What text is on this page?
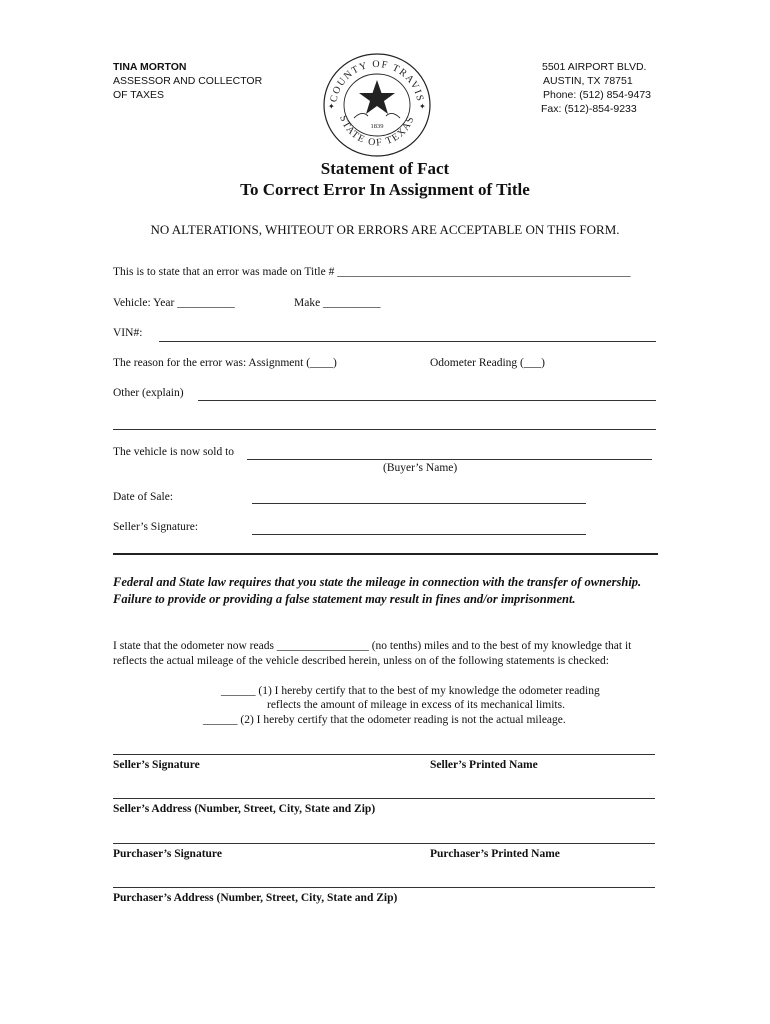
TINA MORTON
ASSESSOR AND COLLECTOR
OF TAXES	COUNTY OF TRAVIS
STATE OF TEXAS
1839
✦	✦
5501 AIRPORT BLVD.
AUSTIN, TX 78751
Phone: (512) 854-9473
Fax: (512)-854-9233
Statement of Fact
To Correct Error In Assignment of Title
NO ALTERATIONS, WHITEOUT OR ERRORS ARE ACCEPTABLE ON THIS FORM.
This is to state that an error was made on Title # ___________________________________________________
Vehicle: Year __________	Make __________
VIN#:
The reason for the error was: Assignment (____)	Odometer Reading (___)
Other (explain)
The vehicle is now sold to
(Buyer’s Name)
Date of Sale:
Seller’s Signature:
Federal and State law requires that you state the mileage in connection with the transfer of ownership. Failure to provide or providing a false statement may result in fines and/or imprisonment.
I state that the odometer now reads ________________ (no tenths) miles and to the best of my knowledge that it reflects the actual mileage of the vehicle described herein, unless on of the following statements is checked:
______ (1) I hereby certify that to the best of my knowledge the odometer reading
reflects the amount of mileage in excess of its mechanical limits.
______ (2) I hereby certify that the odometer reading is not the actual mileage.
Seller’s Signature	Seller’s Printed Name
Seller’s Address (Number, Street, City, State and Zip)
Purchaser’s Signature	Purchaser’s Printed Name
Purchaser’s Address (Number, Street, City, State and Zip)
